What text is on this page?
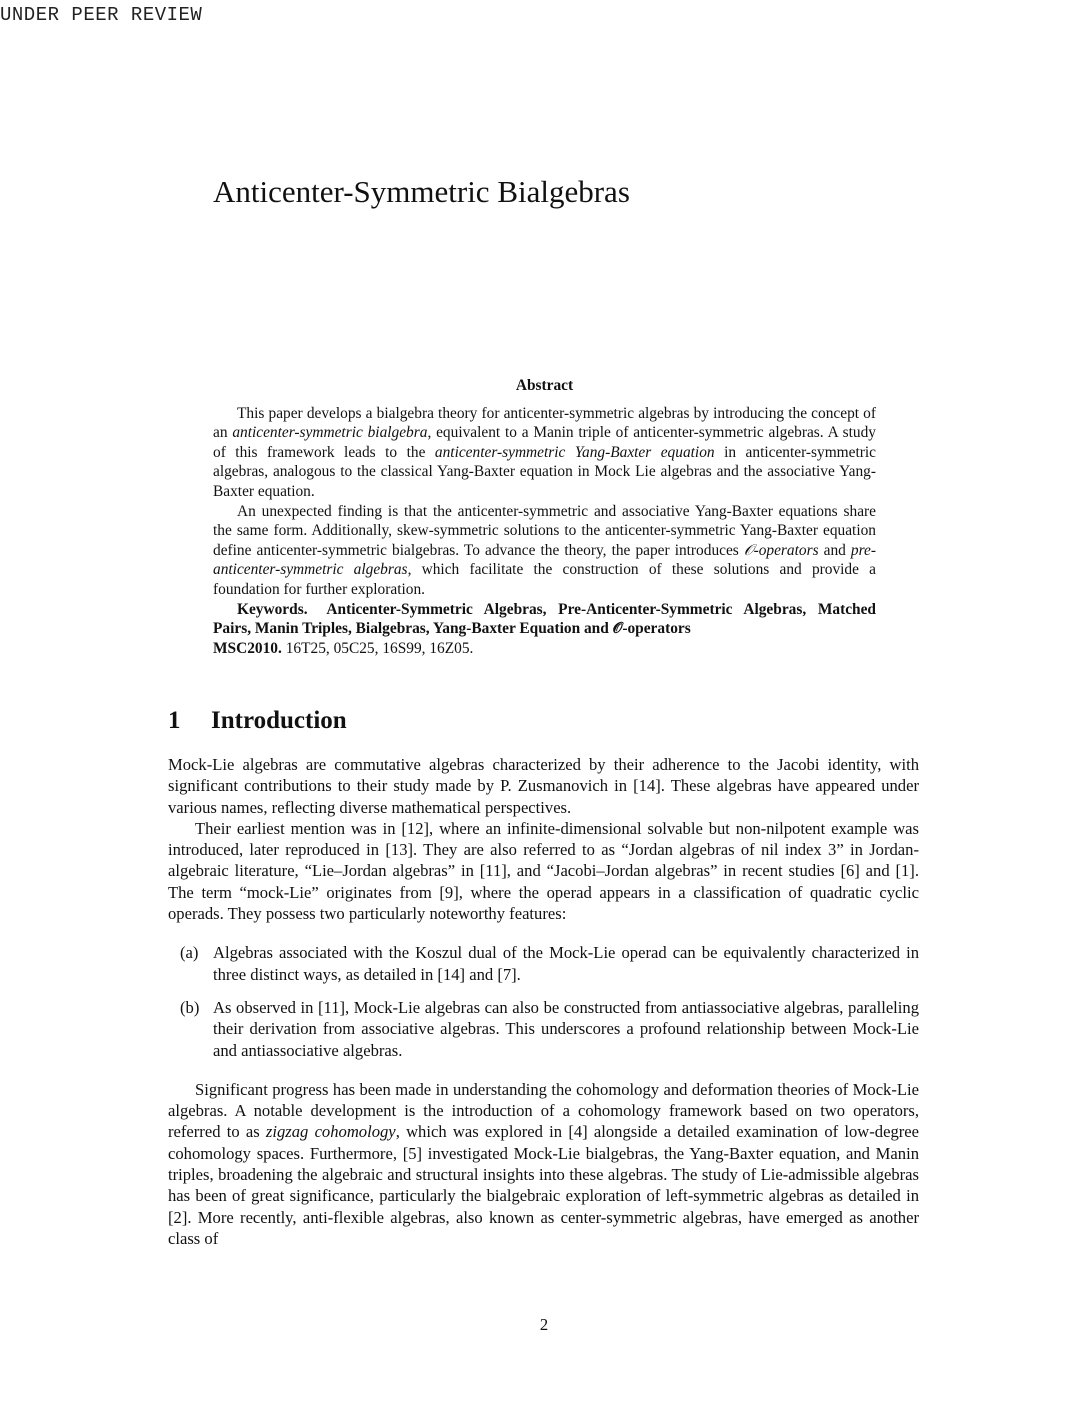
UNDER PEER REVIEW
Anticenter-Symmetric Bialgebras
Abstract

This paper develops a bialgebra theory for anticenter-symmetric algebras by introducing the concept of an anticenter-symmetric bialgebra, equivalent to a Manin triple of anticenter-symmetric algebras. A study of this framework leads to the anticenter-symmetric Yang-Baxter equation in anticenter-symmetric algebras, analogous to the classical Yang-Baxter equation in Mock Lie algebras and the associative Yang-Baxter equation.

An unexpected finding is that the anticenter-symmetric and associative Yang-Baxter equations share the same form. Additionally, skew-symmetric solutions to the anticenter-symmetric Yang-Baxter equation define anticenter-symmetric bialgebras. To advance the theory, the paper introduces 𝒪-operators and pre-anticenter-symmetric algebras, which facilitate the construction of these solutions and provide a foundation for further exploration.

Keywords. Anticenter-Symmetric Algebras, Pre-Anticenter-Symmetric Algebras, Matched Pairs, Manin Triples, Bialgebras, Yang-Baxter Equation and 𝒪-operators

MSC2010. 16T25, 05C25, 16S99, 16Z05.

1 Introduction

Mock-Lie algebras are commutative algebras characterized by their adherence to the Jacobi identity, with significant contributions to their study made by P. Zusmanovich in [14]. These algebras have appeared under various names, reflecting diverse mathematical perspectives.

Their earliest mention was in [12], where an infinite-dimensional solvable but non-nilpotent example was introduced, later reproduced in [13]. They are also referred to as “Jordan algebras of nil index 3” in Jordan-algebraic literature, “Lie–Jordan algebras” in [11], and “Jacobi–Jordan algebras” in recent studies [6] and [1]. The term “mock-Lie” originates from [9], where the operad appears in a classification of quadratic cyclic operads. They possess two particularly noteworthy features:

(a) Algebras associated with the Koszul dual of the Mock-Lie operad can be equivalently characterized in three distinct ways, as detailed in [14] and [7].
(b) As observed in [11], Mock-Lie algebras can also be constructed from antiassociative algebras, paralleling their derivation from associative algebras. This underscores a profound relationship between Mock-Lie and antiassociative algebras.

Significant progress has been made in understanding the cohomology and deformation theories of Mock-Lie algebras. A notable development is the introduction of a cohomology framework based on two operators, referred to as zigzag cohomology, which was explored in [4] alongside a detailed examination of low-degree cohomology spaces. Furthermore, [5] investigated Mock-Lie bialgebras, the Yang-Baxter equation, and Manin triples, broadening the algebraic and structural insights into these algebras. The study of Lie-admissible algebras has been of great significance, particularly the bialgebraic exploration of left-symmetric algebras as detailed in [2]. More recently, anti-flexible algebras, also known as center-symmetric algebras, have emerged as another class of

2
